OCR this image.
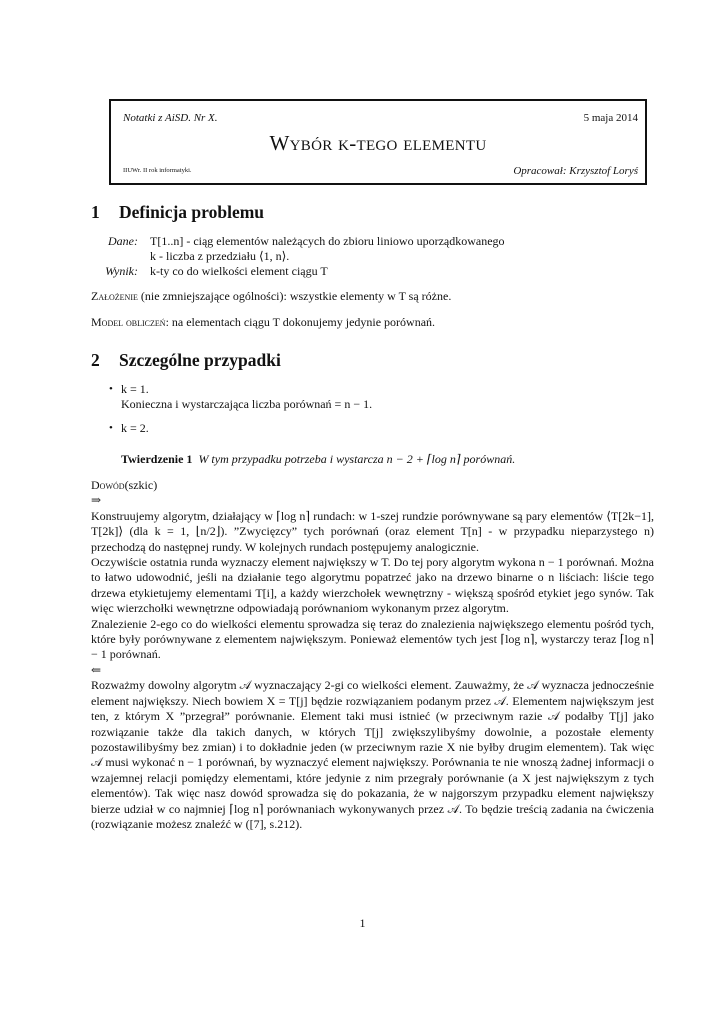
Notatki z AiSD. Nr X.	5 maja 2014
Wybór k-tego elementu
IIUWr. II rok informatyki.	Opracował: Krzysztof Loryś
1 Definicja problemu
Dane: T[1..n] - ciąg elementów należących do zbioru liniowo uporządkowanego
k - liczba z przedziału ⟨1, n⟩.
Wynik: k-ty co do wielkości element ciągu T
Założenie (nie zmniejszające ogólności): wszystkie elementy w T są różne.
Model obliczeń: na elementach ciągu T dokonujemy jedynie porównań.
2 Szczególne przypadki
• k = 1.
Konieczna i wystarczająca liczba porównań = n − 1.
• k = 2.
Twierdzenie 1 W tym przypadku potrzeba i wystarcza n − 2 + ⌈log n⌉ porównań.

Dowód(szkic)

⇒

Konstruujemy algorytm, działający w ⌈log n⌉ rundach: w 1-szej rundzie porównywane są pary elementów ⟨T[2k−1], T[2k]⟩ (dla k = 1, ⌊n/2⌋). ”Zwycięzcy” tych porównań (oraz element T[n] - w przypadku nieparzystego n) przechodzą do następnej rundy. W kolejnych rundach postępujemy analogicznie.

Oczywiście ostatnia runda wyznaczy element największy w T. Do tej pory algorytm wykona n − 1 porównań. Można to łatwo udowodnić, jeśli na działanie tego algorytmu popatrzeć jako na drzewo binarne o n liściach: liście tego drzewa etykietujemy elementami T[i], a każdy wierzchołek wewnętrzny - większą spośród etykiet jego synów. Tak więc wierzchołki wewnętrzne odpowiadają porównaniom wykonanym przez algorytm.

Znalezienie 2-ego co do wielkości elementu sprowadza się teraz do znalezienia największego elementu pośród tych, które były porównywane z elementem największym. Ponieważ elementów tych jest ⌈log n⌉, wystarczy teraz ⌈log n⌉ − 1 porównań.

⇐

Rozważmy dowolny algorytm 𝒜 wyznaczający 2-gi co wielkości element. Zauważmy, że 𝒜 wyznacza jednocześnie element największy. Niech bowiem X = T[j] będzie rozwiązaniem podanym przez 𝒜. Elementem największym jest ten, z którym X ”przegrał” porównanie. Element taki musi istnieć (w przeciwnym razie 𝒜 podałby T[j] jako rozwiązanie także dla takich danych, w których T[j] zwiększylibyśmy dowolnie, a pozostałe elementy pozostawilibyśmy bez zmian) i to dokładnie jeden (w przeciwnym razie X nie byłby drugim elementem). Tak więc 𝒜 musi wykonać n − 1 porównań, by wyznaczyć element największy. Porównania te nie wnoszą żadnej informacji o wzajemnej relacji pomiędzy elementami, które jedynie z nim przegrały porównanie (a X jest największym z tych elementów). Tak więc nasz dowód sprowadza się do pokazania, że w najgorszym przypadku element największy bierze udział w co najmniej ⌈log n⌉ porównaniach wykonywanych przez 𝒜. To będzie treścią zadania na ćwiczenia (rozwiązanie możesz znaleźć w ([7], s.212).

1
